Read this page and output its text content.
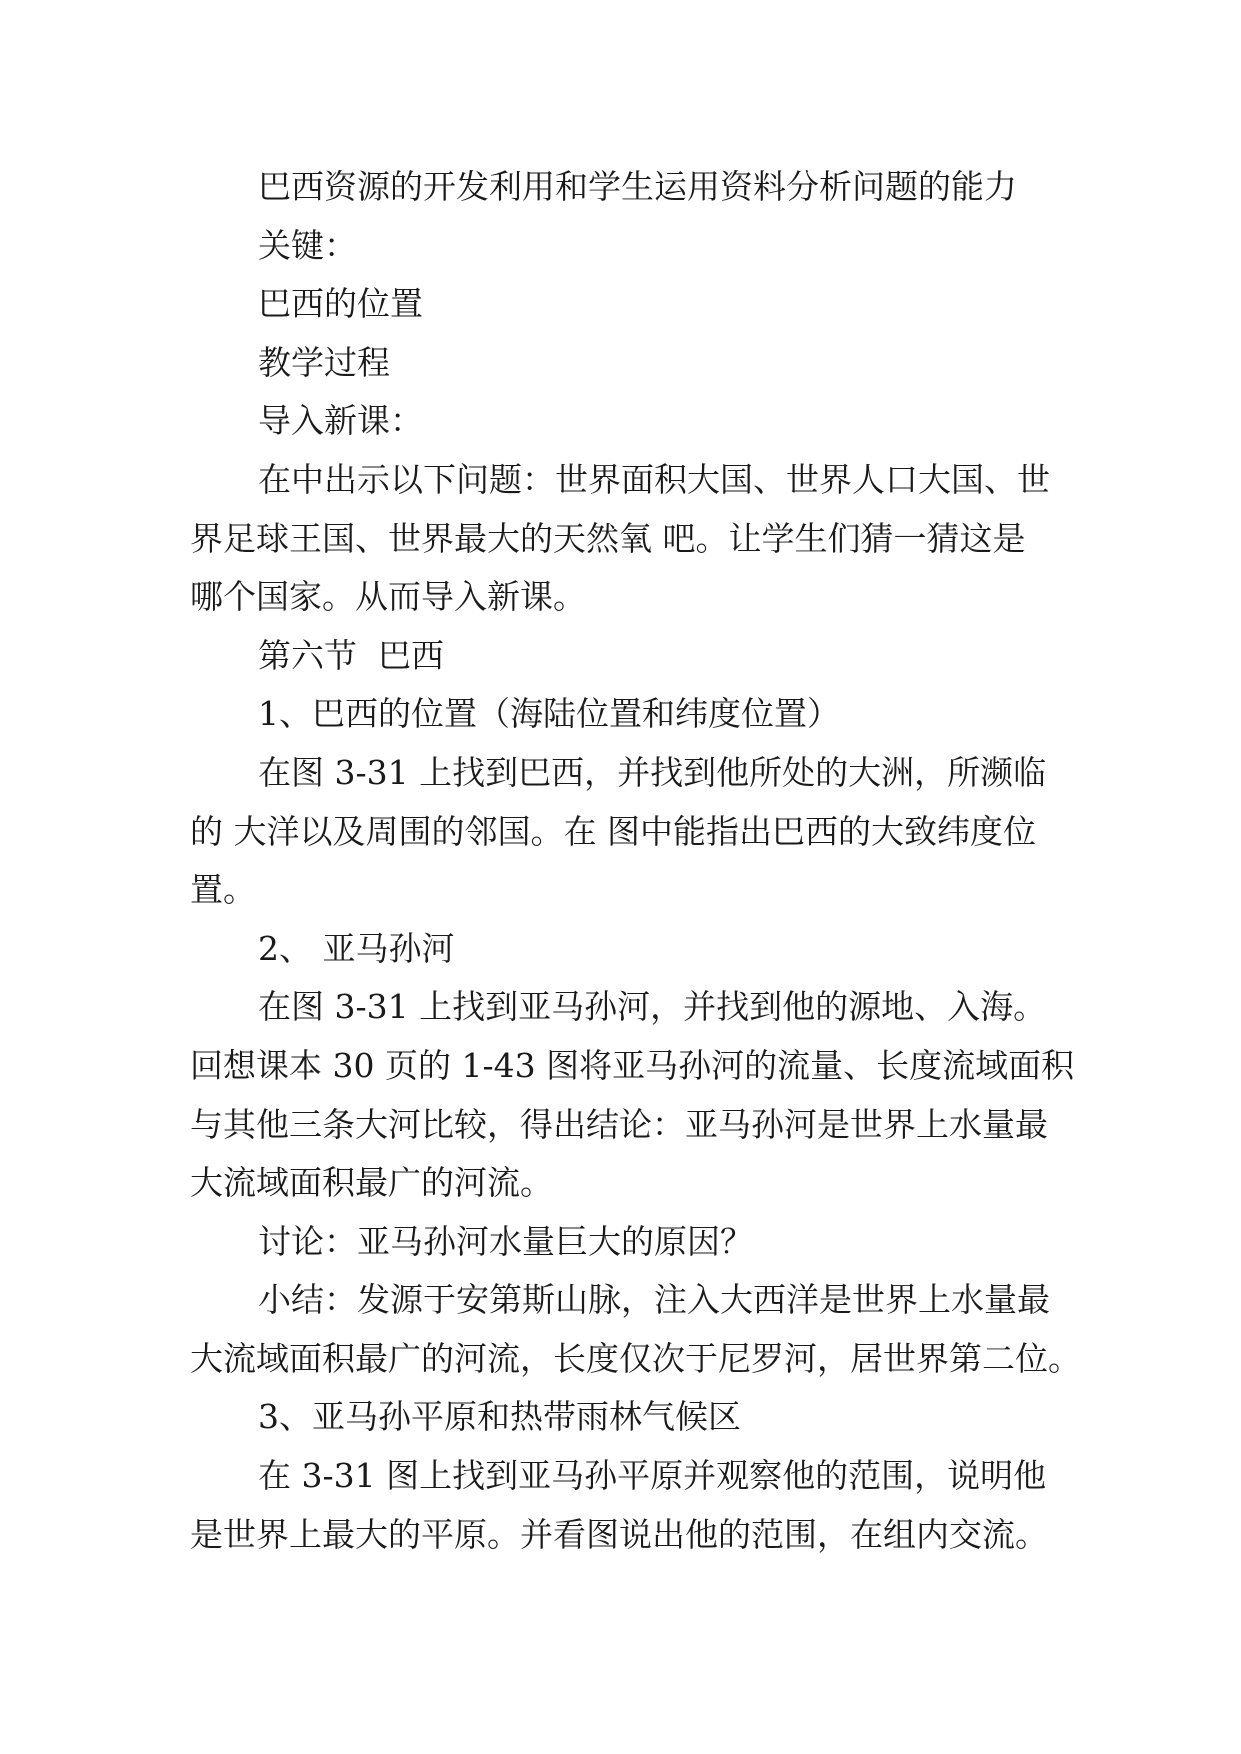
巴西资源的开发利用和学生运用资料分析问题的能力
关键：
巴西的位置
教学过程
导入新课：
在中出示以下问题：世界面积大国、世界人口大国、世
界足球王国、世界最大的天然氧 吧。让学生们猜一猜这是
哪个国家。从而导入新课。
第六节  巴西
1、巴西的位置（海陆位置和纬度位置）
在图 3-31 上找到巴西，并找到他所处的大洲，所濒临
的 大洋以及周围的邻国。在 图中能指出巴西的大致纬度位
置。
2、 亚马孙河
在图 3-31 上找到亚马孙河，并找到他的源地、入海。
回想课本 30 页的 1-43 图将亚马孙河的流量、长度流域面积
与其他三条大河比较，得出结论：亚马孙河是世界上水量最
大流域面积最广的河流。
讨论：亚马孙河水量巨大的原因？
小结：发源于安第斯山脉，注入大西洋是世界上水量最
大流域面积最广的河流，长度仅次于尼罗河，居世界第二位。
3、亚马孙平原和热带雨林气候区
在 3-31 图上找到亚马孙平原并观察他的范围，说明他
是世界上最大的平原。并看图说出他的范围，在组内交流。
